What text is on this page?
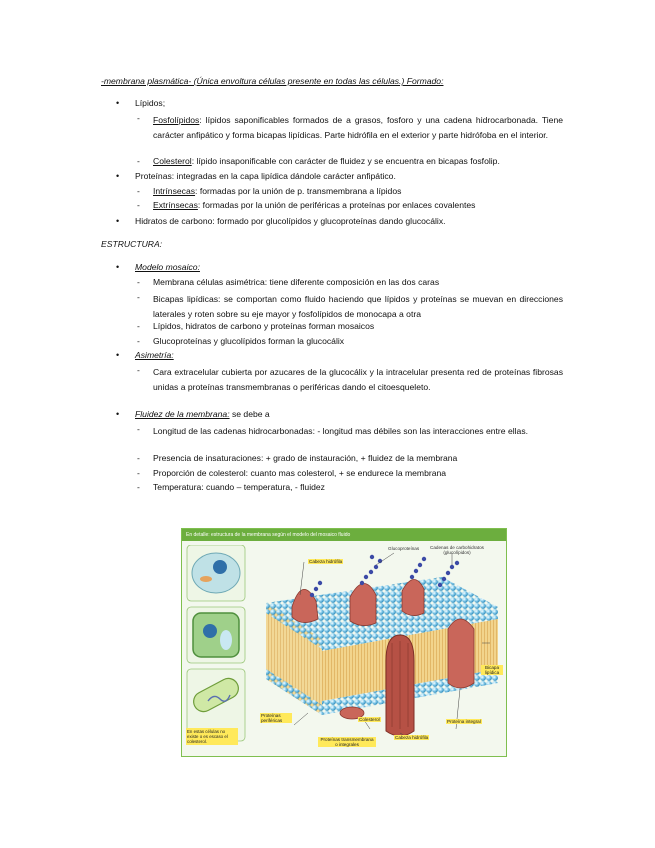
-membrana plasmática- (Única envoltura células presente en todas las células.) Formado:
• Lípidos;
- Fosfolípidos: lípidos saponificables formados de a grasos, fosforo y una cadena hidrocarbonada. Tiene carácter anfipático y forma bicapas lipídicas. Parte hidrófila en el exterior y parte hidrófoba en el interior.
- Colesterol: lípido insaponificable con carácter de fluidez y se encuentra en bicapas fosfolip.
• Proteínas: integradas en la capa lipídica dándole carácter anfipático.
- Intrínsecas: formadas por la unión de p. transmembrana a lípidos
- Extrínsecas: formadas por la unión de periféricas a proteínas por enlaces covalentes
• Hidratos de carbono: formado por glucolípidos y glucoproteínas dando glucocálix.
ESTRUCTURA:
• Modelo mosaico:
- Membrana células asimétrica: tiene diferente composición en las dos caras
- Bicapas lipídicas: se comportan como fluido haciendo que lípidos y proteínas se muevan en direcciones laterales y roten sobre su eje mayor y fosfolípidos de monocapa a otra
- Lípidos, hidratos de carbono y proteínas forman mosaicos
- Glucoproteínas y glucolípidos forman la glucocálix
• Asimetría:
- Cara extracelular cubierta por azucares de la glucocálix y la intracelular presenta red de proteínas fibrosas unidas a proteínas transmembranas o periféricas dando el citoesqueleto.
• Fluidez de la membrana: se debe a
- Longitud de las cadenas hidrocarbonadas: - longitud mas débiles son las interacciones entre ellas.
- Presencia de insaturaciones: + grado de instauración, + fluidez de la membrana
- Proporción de colesterol: cuanto mas colesterol, + se endurece la membrana
- Temperatura: cuando – temperatura, - fluidez
En detalle: estructura de la membrana según el modelo del mosaico fluido
En estas células no existe o es escaso el colesterol.
Cabeza hidrófila
Glucoproteínas	Cadenas de carbohidratos (glucolípidos)
Bicapa lipídica
Proteínas periféricas	Colesterol	Proteína integral
Proteínas transmembrana o integrales
Cabeza hidrófila
